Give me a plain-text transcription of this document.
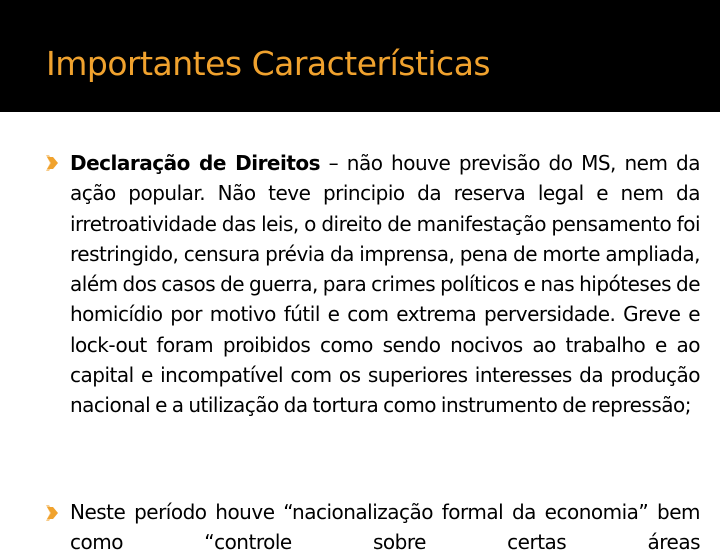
Importantes Características
Declaração de Direitos – não houve previsão do MS, nem da ação popular. Não teve principio da reserva legal e nem da irretroatividade das leis, o direito de manifestação pensamento foi restringido, censura prévia da imprensa, pena de morte ampliada, além dos casos de guerra, para crimes políticos e nas hipóteses de homicídio por motivo fútil e com extrema perversidade. Greve e lock-out foram proibidos como sendo nocivos ao trabalho e ao capital e incompatível com os superiores interesses da produção nacional e a utilização da tortura como instrumento de repressão;
Neste período houve “nacionalização formal da economia” bem como “controle sobre certas áreas
